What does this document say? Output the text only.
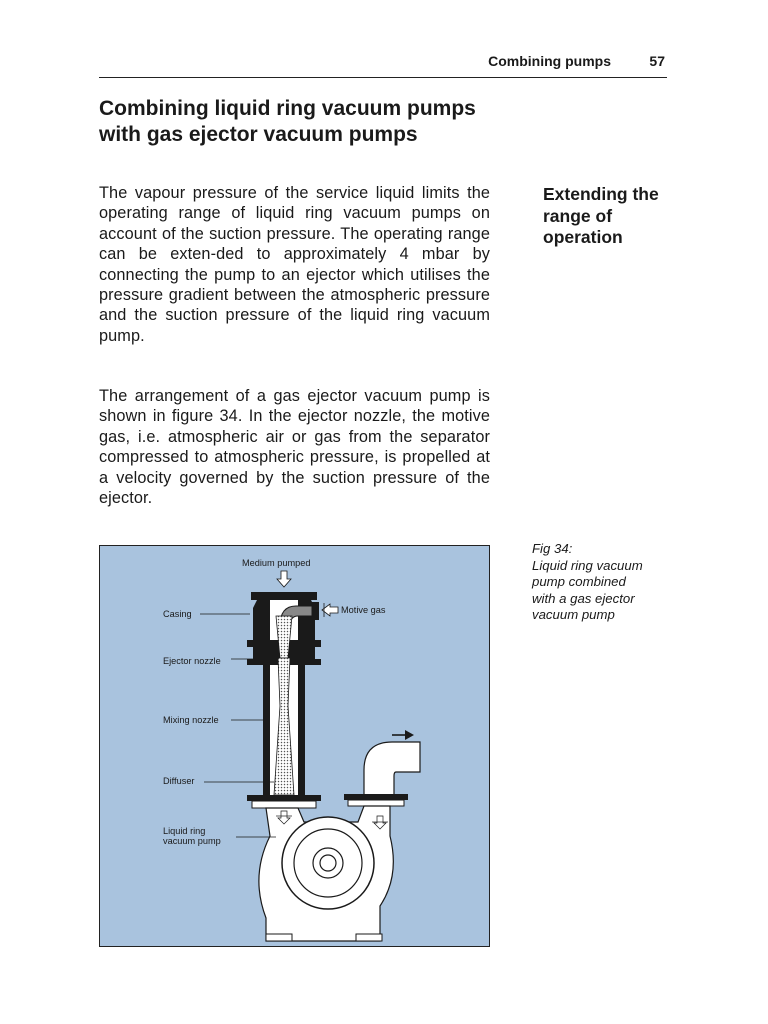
Combining pumps	57
Combining liquid ring vacuum pumps with gas ejector vacuum pumps

The vapour pressure of the service liquid limits the operating range of liquid ring vacuum pumps on account of the suction pressure. The operating range can be exten-ded to approximately 4 mbar by connecting the pump to an ejector which utilises the pressure gradient between the atmospheric pressure and the suction pressure of the liquid ring vacuum pump.

The arrangement of a gas ejector vacuum pump is shown in figure 34. In the ejector nozzle, the motive gas, i.e. atmospheric air or gas from the separator compressed to atmospheric pressure, is propelled at a velocity governed by the suction pressure of the ejector.

Extending the range of operation
Fig 34:
Liquid ring vacuum
pump combined
with a gas ejector
vacuum pump
Medium pumped
Casing	Motive gas
Ejector nozzle
Mixing nozzle
Diffuser
Liquid ring
vacuum pump
